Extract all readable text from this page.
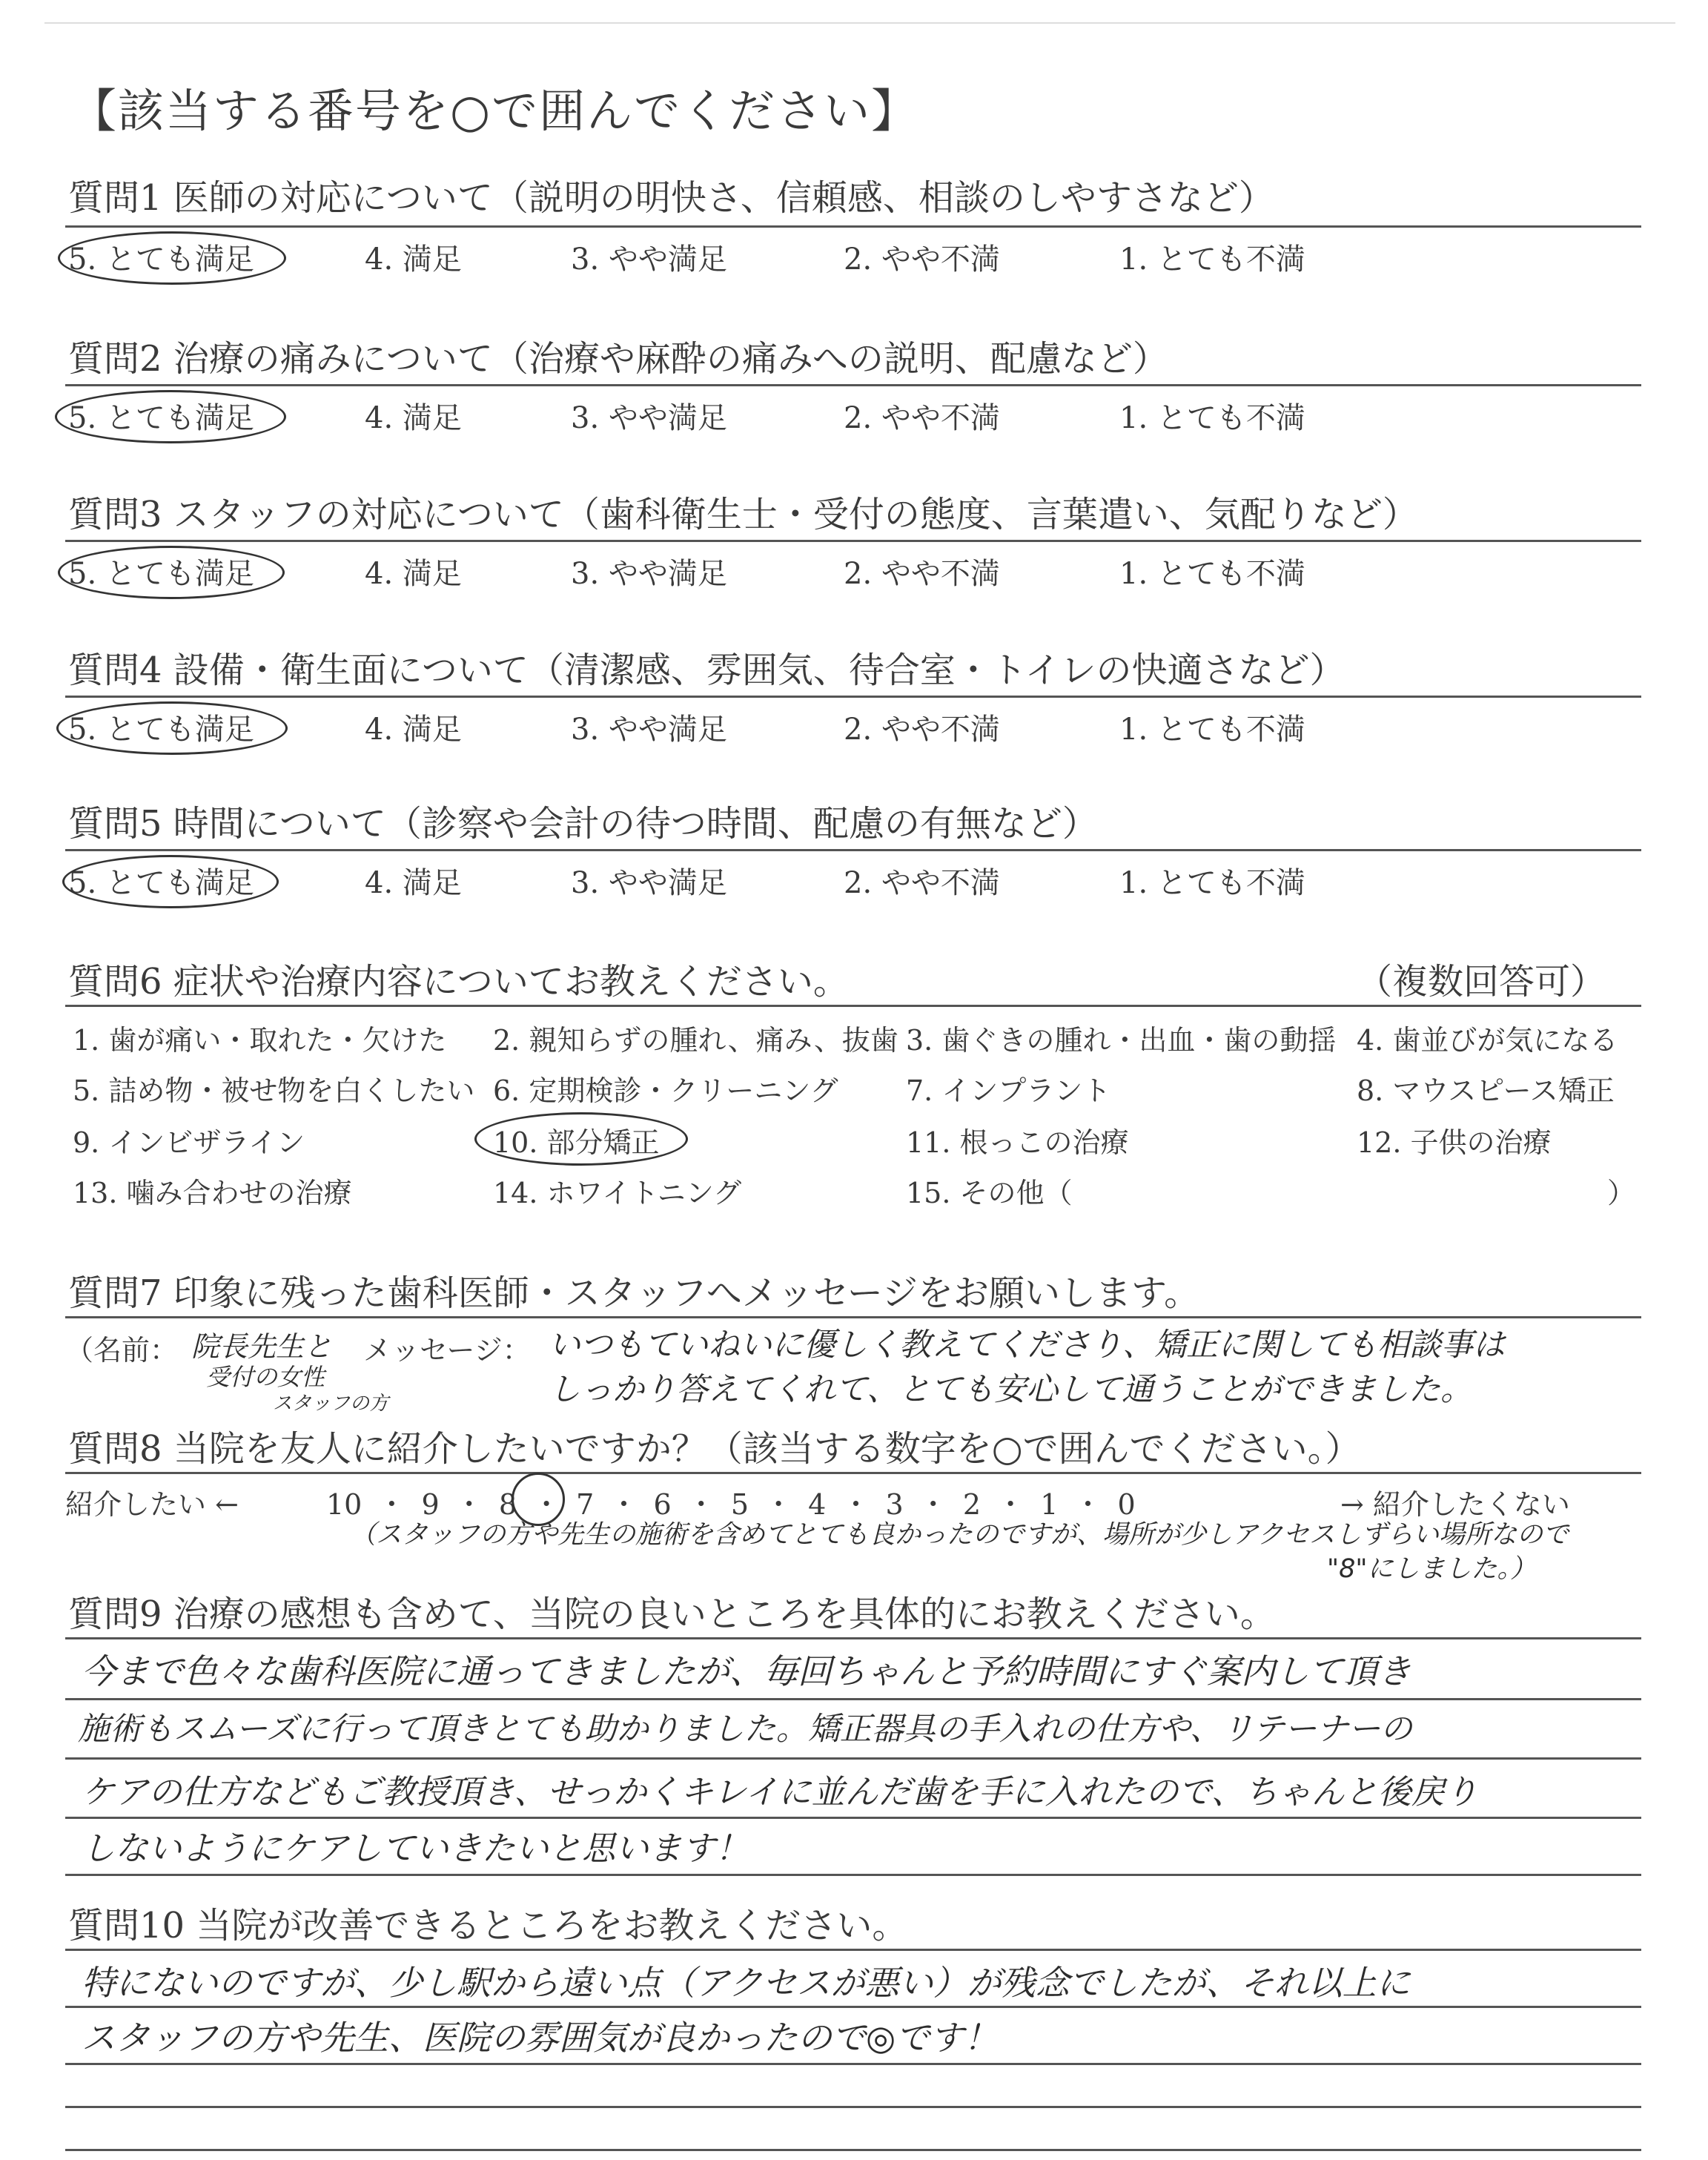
【該当する番号を○で囲んでください】
質問1 医師の対応について（説明の明快さ、信頼感、相談のしやすさなど）
5. とても満足	4. 満足	3. やや満足	2. やや不満	1. とても不満
質問2 治療の痛みについて（治療や麻酔の痛みへの説明、配慮など）
5. とても満足	4. 満足	3. やや満足	2. やや不満	1. とても不満
質問3 スタッフの対応について（歯科衛生士・受付の態度、言葉遣い、気配りなど）
5. とても満足	4. 満足	3. やや満足	2. やや不満	1. とても不満
質問4 設備・衛生面について（清潔感、雰囲気、待合室・トイレの快適さなど）
5. とても満足	4. 満足	3. やや満足	2. やや不満	1. とても不満
質問5 時間について（診察や会計の待つ時間、配慮の有無など）
5. とても満足	4. 満足	3. やや満足	2. やや不満	1. とても不満
質問6 症状や治療内容についてお教えください。	（複数回答可）
1. 歯が痛い・取れた・欠けた 2. 親知らずの腫れ、痛み、抜歯 3. 歯ぐきの腫れ・出血・歯の動揺 4. 歯並びが気になる
5. 詰め物・被せ物を白くしたい 6. 定期検診・クリーニング 7. インプラント	8. マウスピース矯正
9. インビザライン	10. 部分矯正	11. 根っこの治療	12. 子供の治療
13. 噛み合わせの治療	14. ホワイトニング	15. その他（	）
質問7 印象に残った歯科医師・スタッフへメッセージをお願いします。
（名前： 院長先生と
受付の女性
スタッフの方
メッセージ： いつもていねいに優しく教えてくださり、矯正に関しても相談事は
しっかり答えてくれて、とても安心して通うことができました。
質問8 当院を友人に紹介したいですか？（該当する数字を○で囲んでください。）
紹介したい ←	10 ・ 9 ・ 8 ・ 7 ・ 6 ・ 5 ・ 4 ・ 3 ・ 2 ・ 1 ・ 0	→ 紹介したくない
（スタッフの方や先生の施術を含めてとても良かったのですが、場所が少しアクセスしずらい場所なので
"8"にしました。）
質問9 治療の感想も含めて、当院の良いところを具体的にお教えください。
今まで色々な歯科医院に通ってきましたが、毎回ちゃんと予約時間にすぐ案内して頂き
施術もスムーズに行って頂きとても助かりました。矯正器具の手入れの仕方や、リテーナーの
ケアの仕方などもご教授頂き、せっかくキレイに並んだ歯を手に入れたので、ちゃんと後戻り
しないようにケアしていきたいと思います！
質問10 当院が改善できるところをお教えください。
特にないのですが、少し駅から遠い点（アクセスが悪い）が残念でしたが、それ以上に
スタッフの方や先生、医院の雰囲気が良かったので◎です！
